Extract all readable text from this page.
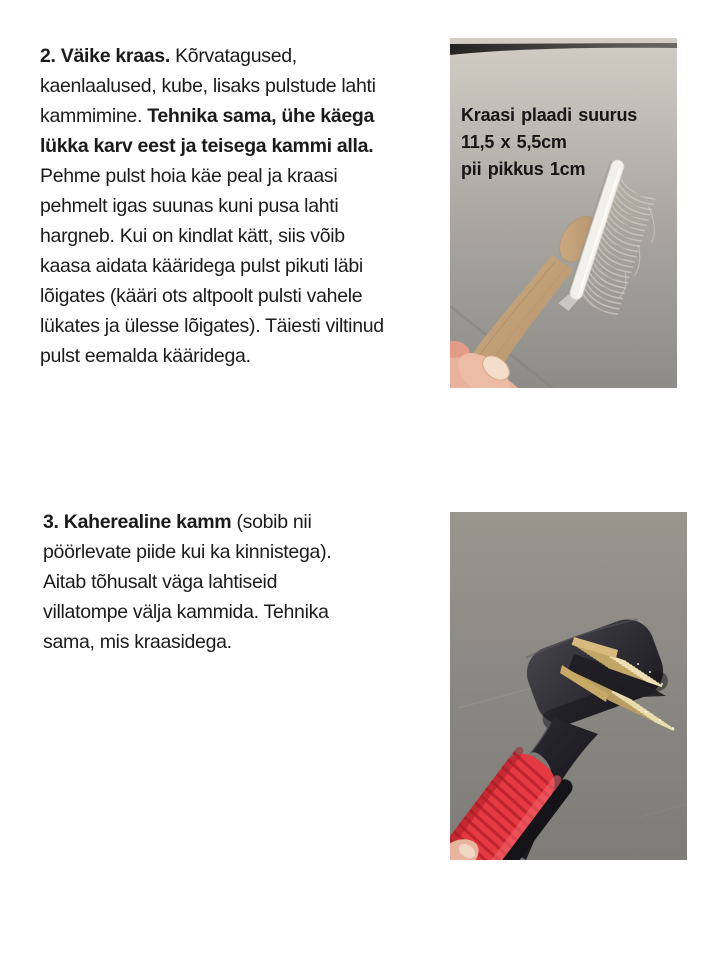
2. Väike kraas. Kõrvatagused,
kaenlaalused, kube, lisaks pulstude lahti
kammimine. Tehnika sama, ühe käega
lükka karv eest ja teisega kammi alla.
Pehme pulst hoia käe peal ja kraasi
pehmelt igas suunas kuni pusa lahti
hargneb. Kui on kindlat kätt, siis võib
kaasa aidata kääridega pulst pikuti läbi
lõigates (kääri ots altpoolt pulsti vahele
lükates ja ülesse lõigates). Täiesti viltinud
pulst eemalda kääridega.
Kraasi plaadi suurus
11,5 x 5,5cm
pii pikkus 1cm
3. Kaherealine kamm (sobib nii
pöörlevate piide kui ka kinnistega).
Aitab tõhusalt väga lahtiseid
villatompe välja kammida. Tehnika
sama, mis kraasidega.
